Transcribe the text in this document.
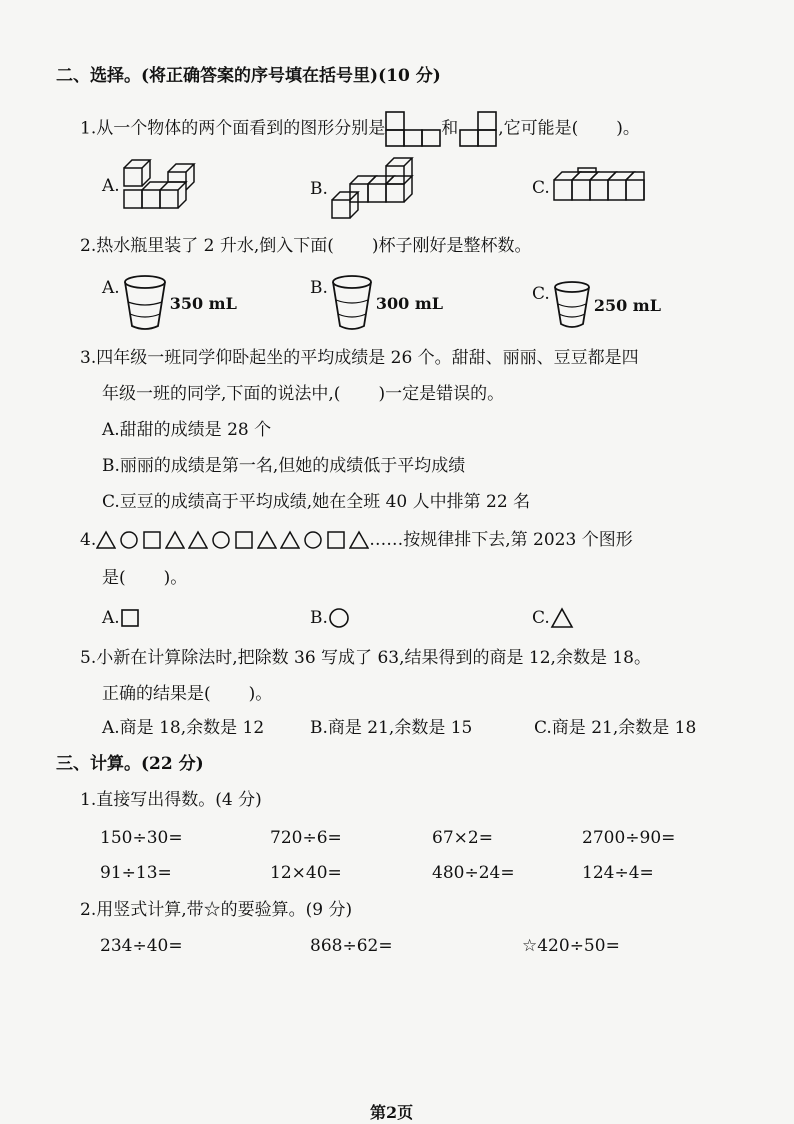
二、选择。(将正确答案的序号填在括号里)(10 分)
1.从一个物体的两个面看到的图形分别是	和 ,它可能是( )。
A.	B.	C.
2.热水瓶里装了 2 升水,倒入下面( )杯子刚好是整杯数。
A.
350 mL
B.
300 mL	C.
250 mL
3.四年级一班同学仰卧起坐的平均成绩是 26 个。甜甜、丽丽、豆豆都是四
年级一班的同学,下面的说法中,( )一定是错误的。
A.甜甜的成绩是 28 个
B.丽丽的成绩是第一名,但她的成绩低于平均成绩
C.豆豆的成绩高于平均成绩,她在全班 40 人中排第 22 名
4.	……按规律排下去,第 2023 个图形
是( )。
A.	B.	C.
5.小新在计算除法时,把除数 36 写成了 63,结果得到的商是 12,余数是 18。
正确的结果是( )。
A.商是 18,余数是 12	B.商是 21,余数是 15	C.商是 21,余数是 18
三、计算。(22 分)
1.直接写出得数。(4 分)
150÷30=	720÷6=	67×2=	2700÷90=
91÷13=	12×40=	480÷24=	124÷4=
2.用竖式计算,带☆的要验算。(9 分)
234÷40=	868÷62=	☆420÷50=
第2页
